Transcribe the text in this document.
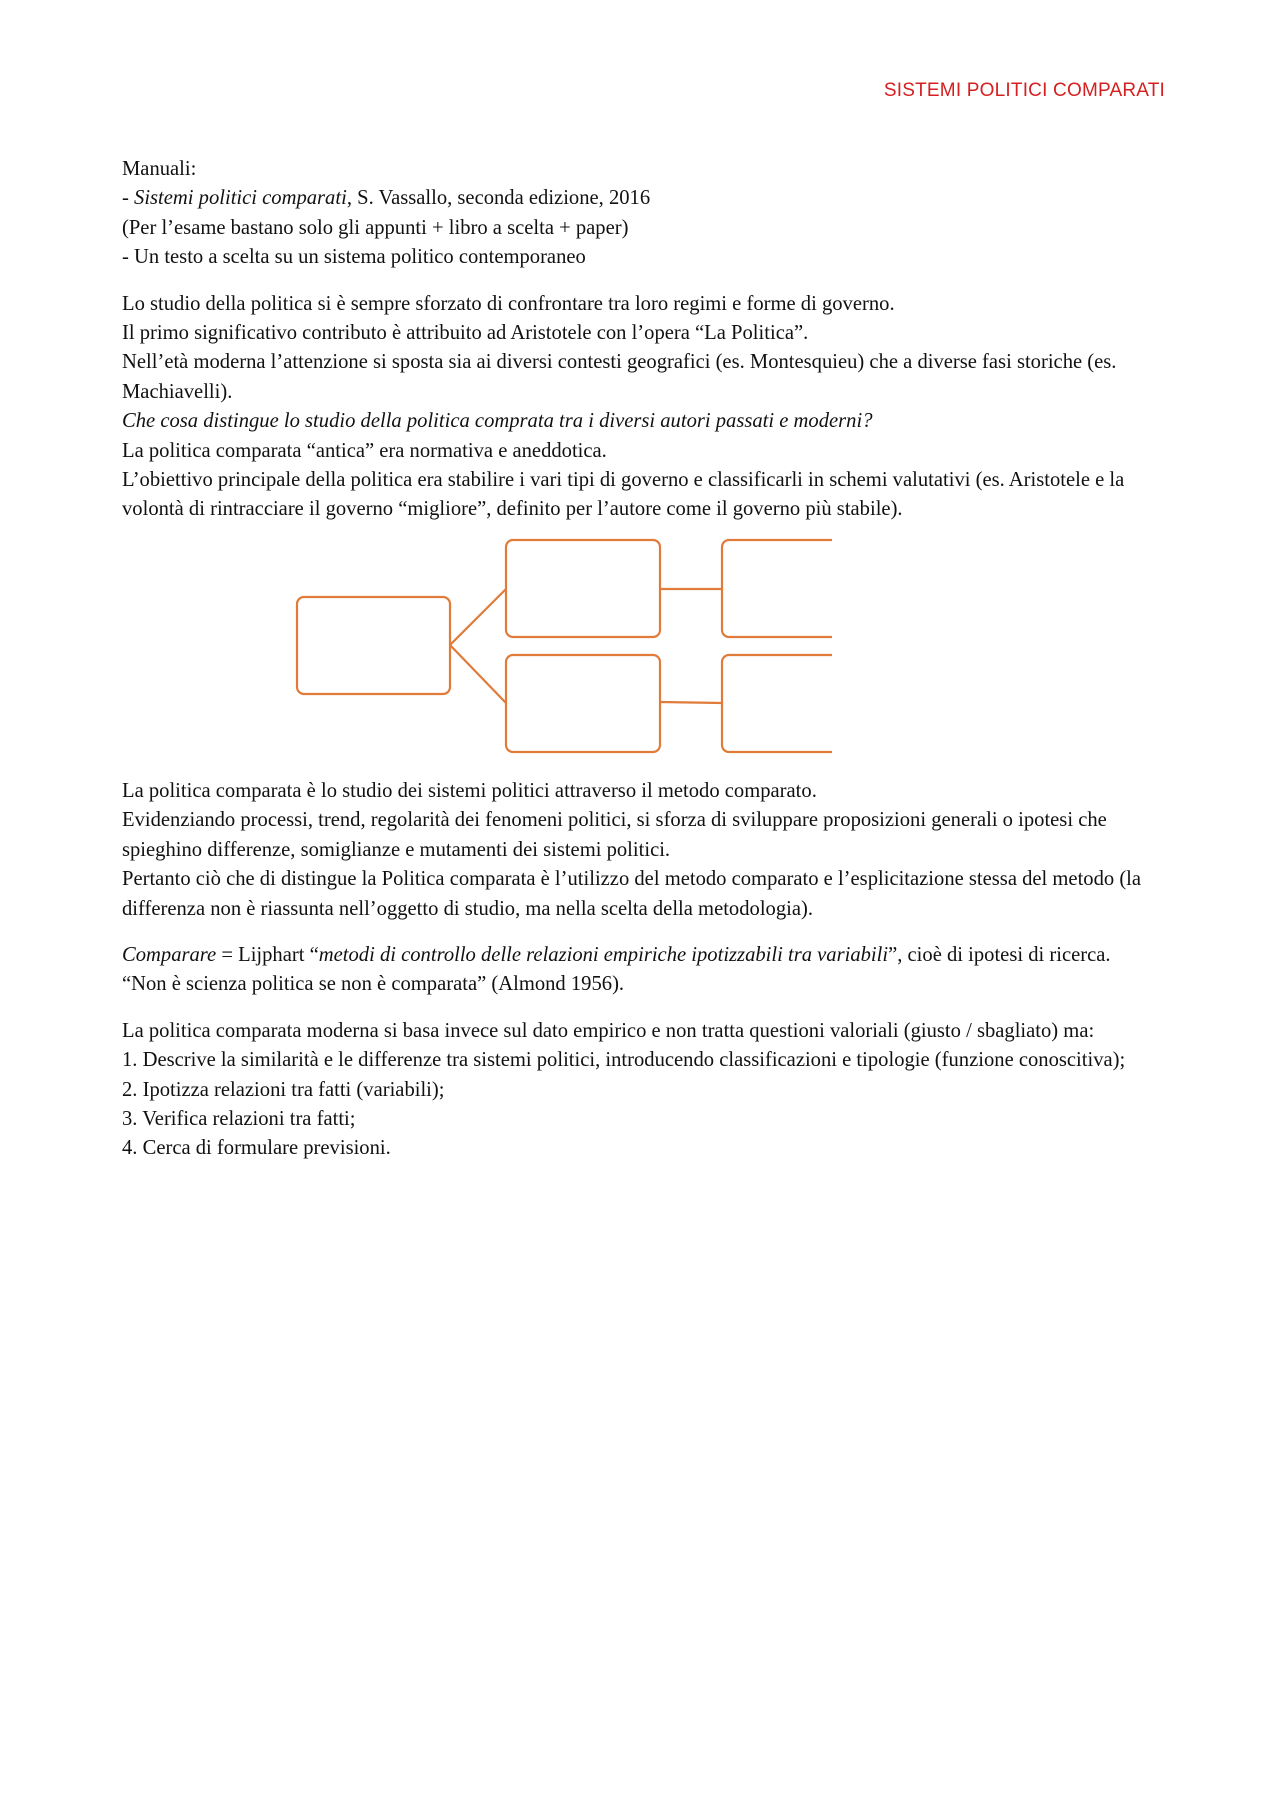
SISTEMI POLITICI COMPARATI

Manuali:

- Sistemi politici comparati, S. Vassallo, seconda edizione, 2016

(Per l’esame bastano solo gli appunti + libro a scelta + paper)

- Un testo a scelta su un sistema politico contemporaneo

Lo studio della politica si è sempre sforzato di confrontare tra loro regimi e forme di governo.

Il primo significativo contributo è attribuito ad Aristotele con l’opera “La Politica”.

Nell’età moderna l’attenzione si sposta sia ai diversi contesti geografici (es. Montesquieu) che a diverse fasi storiche (es. Machiavelli).

Che cosa distingue lo studio della politica comprata tra i diversi autori passati e moderni?

La politica comparata “antica” era normativa e aneddotica.

L’obiettivo principale della politica era stabilire i vari tipi di governo e classificarli in schemi valutativi (es. Aristotele e la volontà di rintracciare il governo “migliore”, definito per l’autore come il governo più stabile).

La politica comparata è lo studio dei sistemi politici attraverso il metodo comparato.

Evidenziando processi, trend, regolarità dei fenomeni politici, si sforza di sviluppare proposizioni generali o ipotesi che spieghino differenze, somiglianze e mutamenti dei sistemi politici.

Pertanto ciò che di distingue la Politica comparata è l’utilizzo del metodo comparato e l’esplicitazione stessa del metodo (la differenza non è riassunta nell’oggetto di studio, ma nella scelta della metodologia).

Comparare = Lijphart “metodi di controllo delle relazioni empiriche ipotizzabili tra variabili”, cioè di ipotesi di ricerca.

“Non è scienza politica se non è comparata” (Almond 1956).

La politica comparata moderna si basa invece sul dato empirico e non tratta questioni valoriali (giusto / sbagliato) ma:

1. Descrive la similarità e le differenze tra sistemi politici, introducendo classificazioni e tipologie (funzione conoscitiva);

2. Ipotizza relazioni tra fatti (variabili);

3. Verifica relazioni tra fatti;

4. Cerca di formulare previsioni.
